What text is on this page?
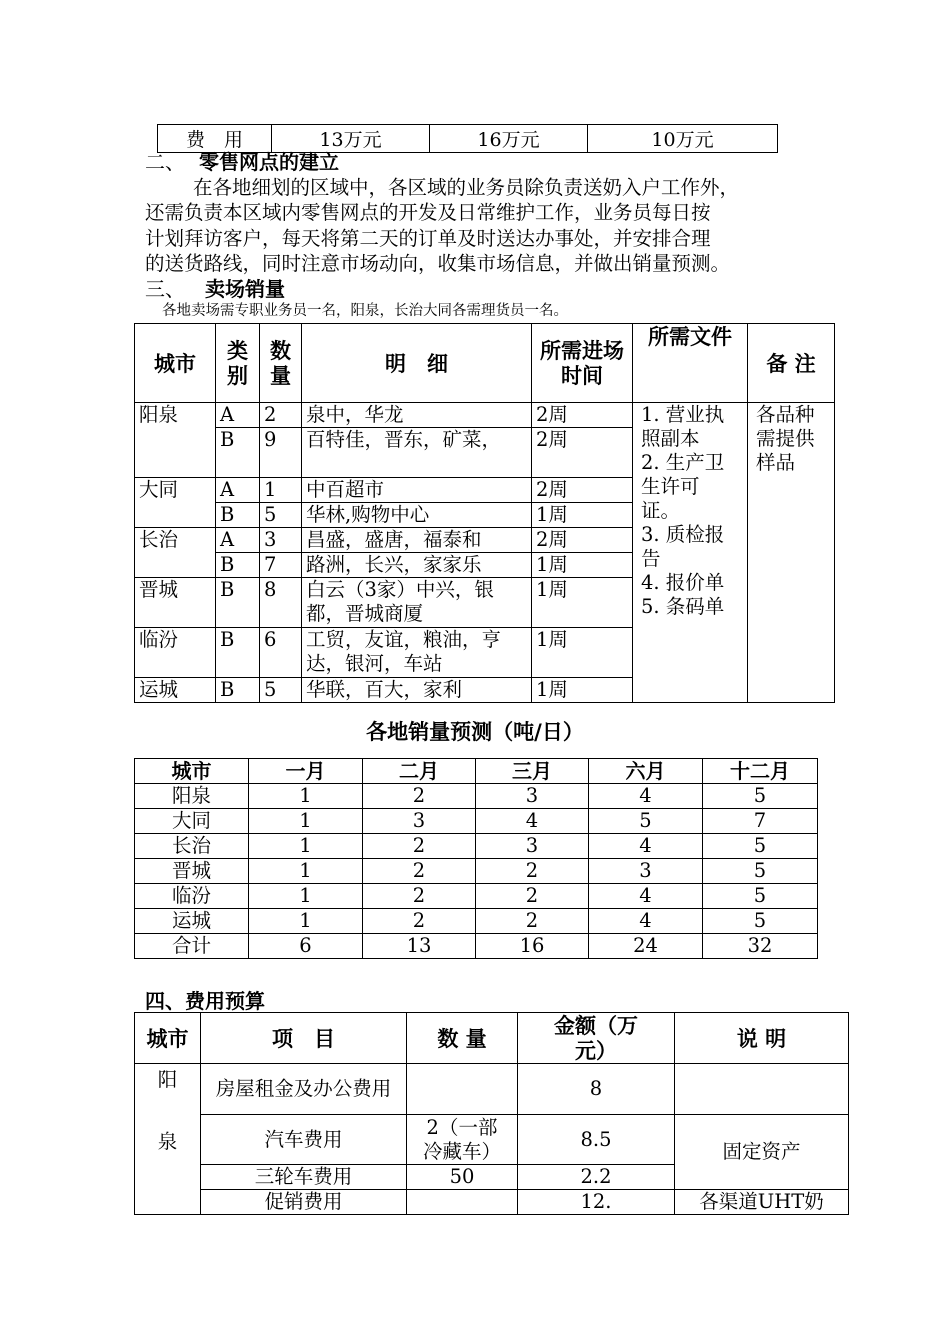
费　用	13万元	16万元	10万元
二、 零售网点的建立
在各地细划的区域中，各区域的业务员除负责送奶入户工作外，
还需负责本区域内零售网点的开发及日常维护工作，业务员每日按
计划拜访客户，每天将第二天的订单及时送达办事处，并安排合理
的送货路线，同时注意市场动向，收集市场信息，并做出销量预测。
三、 卖场销量
各地卖场需专职业务员一名，阳泉，长治大同各需理货员一名。
城市	类别	数量	明　细	所需进场时间	所需文件	备 注
阳泉	A	2	泉中，华龙	2周	1. 营业执照副本
2. 生产卫生许可证。
3. 质检报告
4. 报价单
5. 条码单	各品种需提供样品
	B	9	百特佳，晋东，矿菜，	2周		
大同	A	1	中百超市	2周		
	B	5	华林,购物中心	1周		
长治	A	3	昌盛，盛唐，福泰和	2周		
	B	7	路洲，长兴，家家乐	1周		
晋城	B	8	白云（3家）中兴，银都，晋城商厦	1周		
临汾	B	6	工贸，友谊，粮油，亨达，银河，车站	1周		
运城	B	5	华联，百大，家利	1周		
各地销量预测（吨/日）
城市	一月	二月	三月	六月	十二月
阳泉	1	2	3	4	5
大同	1	3	4	5	7
长治	1	2	3	4	5
晋城	1	2	2	3	5
临汾	1	2	2	4	5
运城	1	2	2	4	5
合计	6	13	16	24	32
四、费用预算
城市	项　目	数 量	金额（万元）	说 明

阳
泉	房屋租金及办公费用		8	
	汽车费用	2（一部冷藏车）	8.5	固定资产
	三轮车费用	50	2.2	
	促销费用		12.	各渠道UHT奶
